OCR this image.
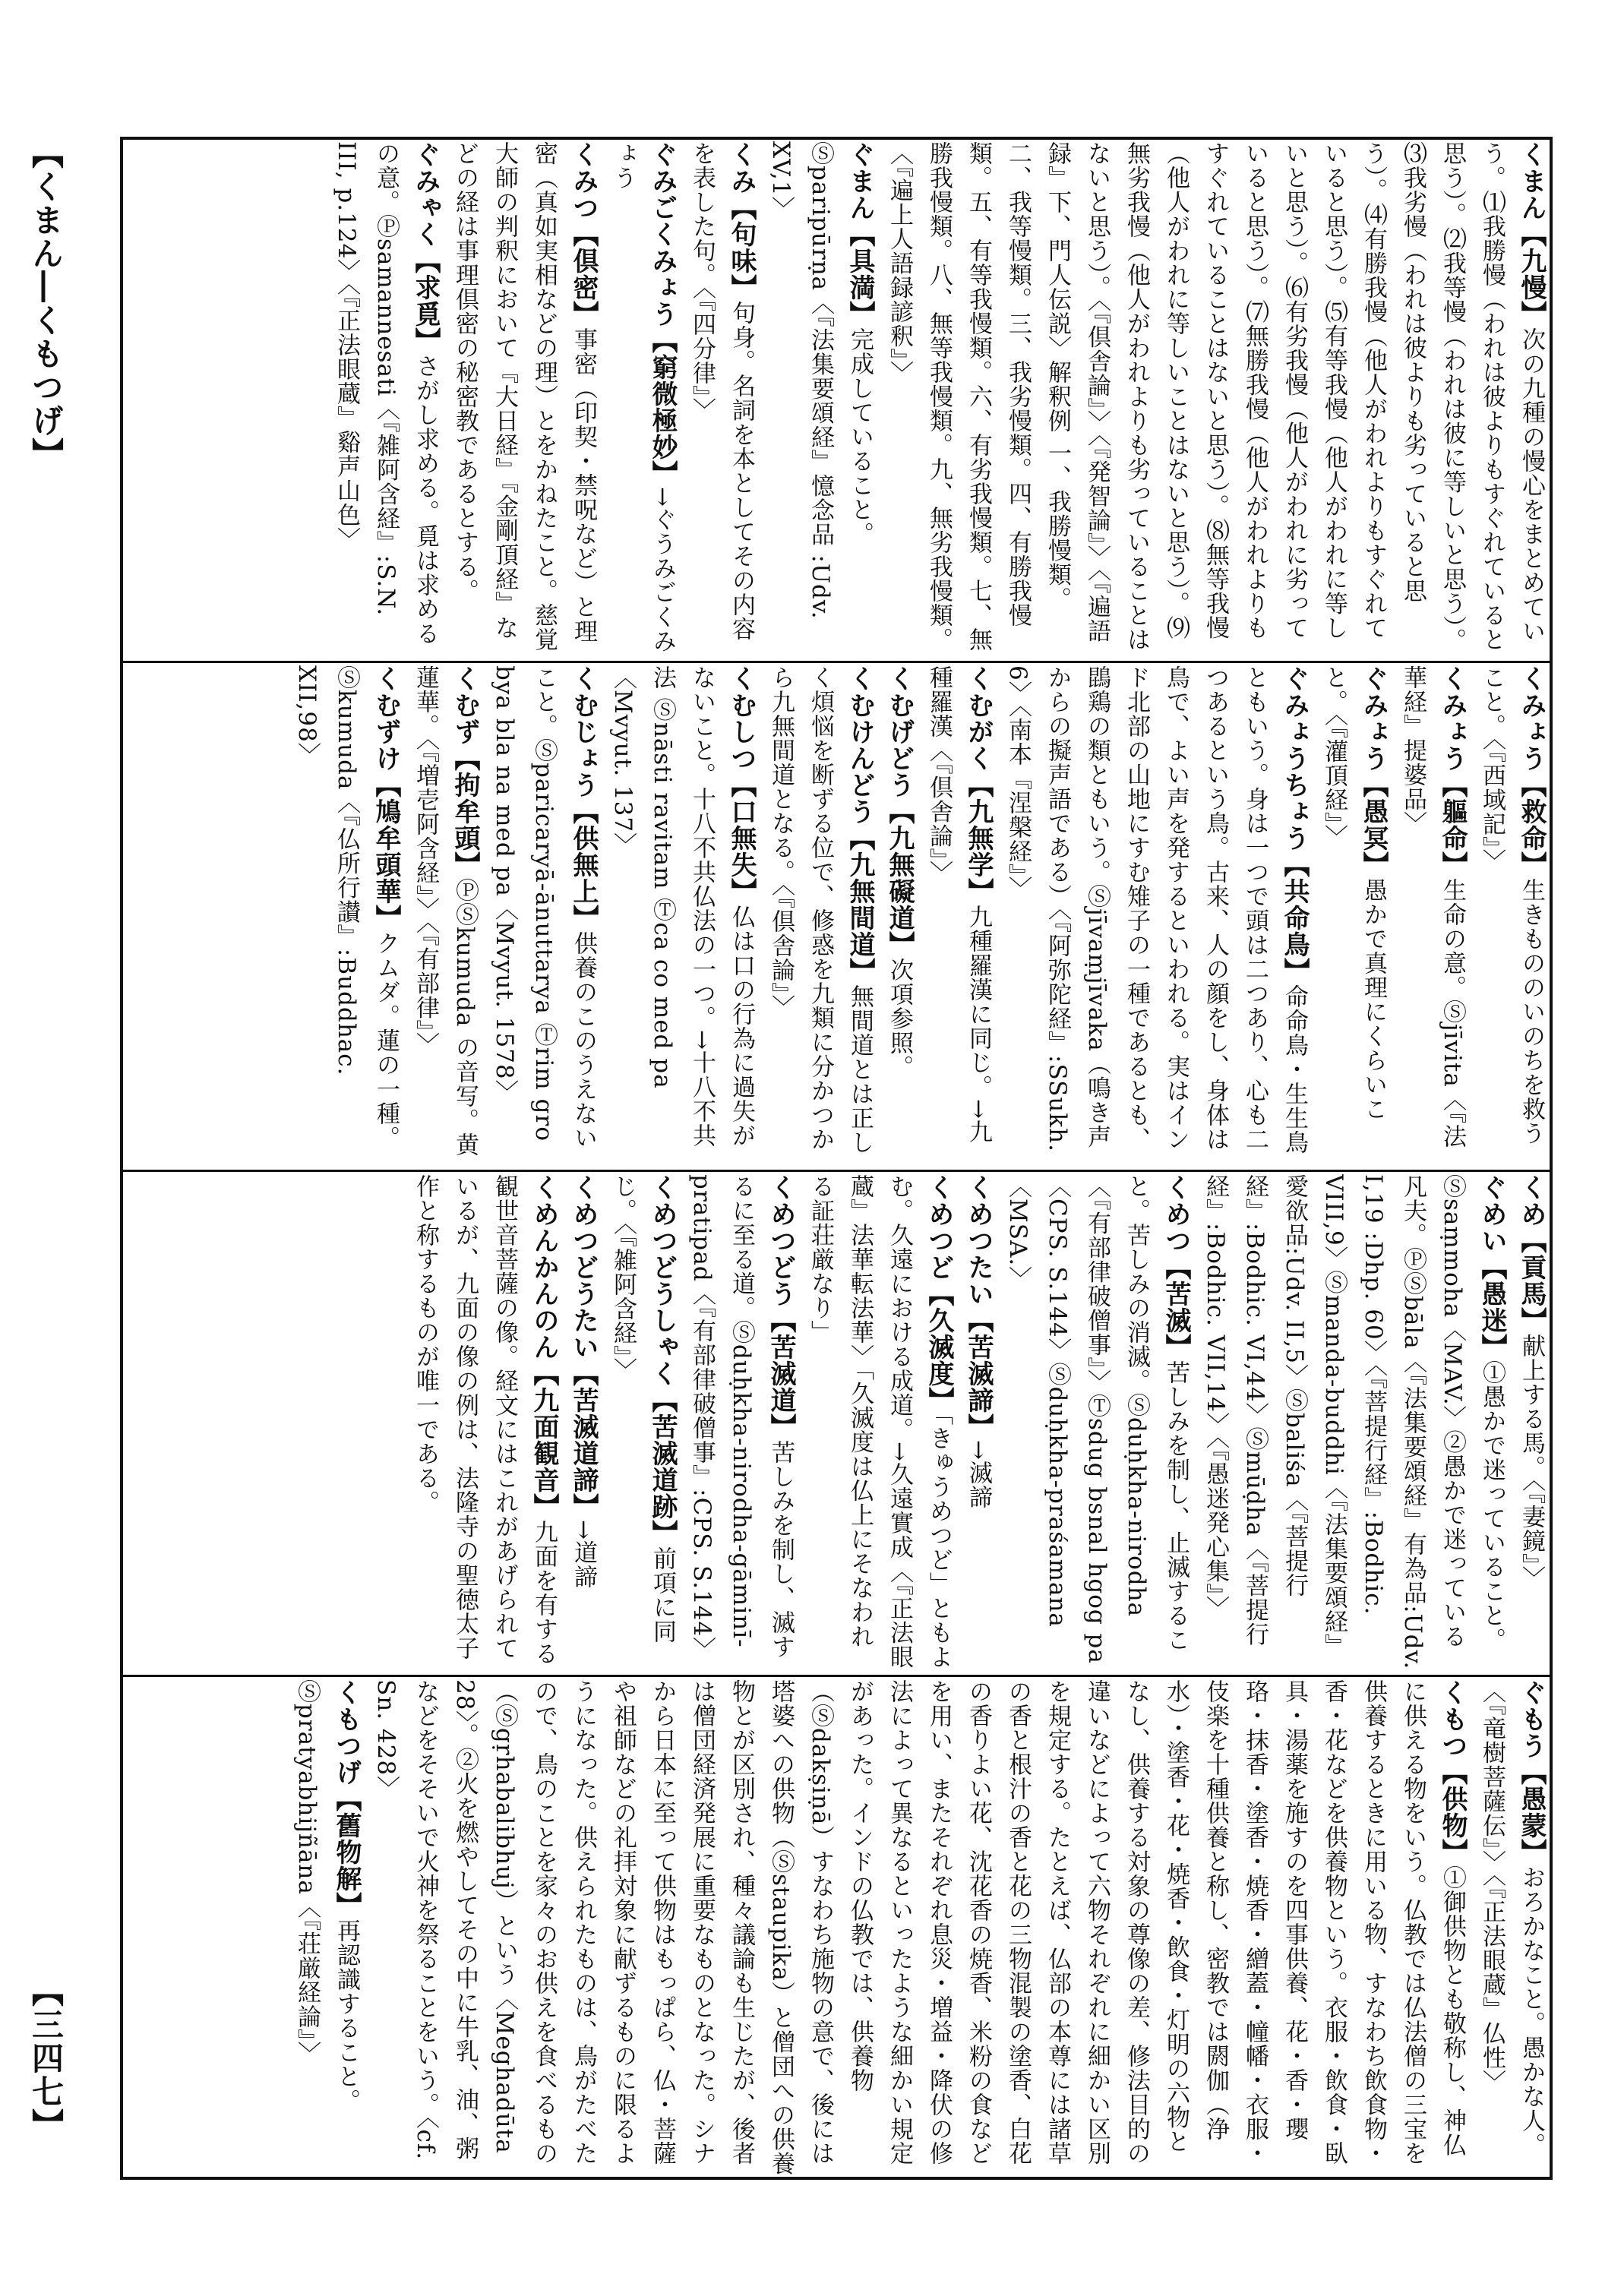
【くまん―くもつげ】
【三四七】

くまん【九慢】次の九種の慢心をまとめていう。⑴我勝慢（われは彼よりもすぐれていると思う）。⑵我等慢（われは彼に等しいと思う）。⑶我劣慢（われは彼よりも劣っていると思う）。⑷有勝我慢（他人がわれよりもすぐれていると思う）。⑸有等我慢（他人がわれに等しいと思う）。⑹有劣我慢（他人がわれに劣っていると思う）。⑺無勝我慢（他人がわれよりもすぐれていることはないと思う）。⑻無等我慢（他人がわれに等しいことはないと思う）。⑼無劣我慢（他人がわれよりも劣っていることはないと思う）。〈『倶舎論』〉〈『発智論』〉〈『遍語録』下、門人伝説〉解釈例 一、我勝慢類。二、我等慢類。三、我劣慢類。四、有勝我慢類。五、有等我慢類。六、有劣我慢類。七、無勝我慢類。八、無等我慢類。九、無劣我慢類。〈『遍上人語録諺釈』〉

ぐまん【具満】完成していること。Ⓢparipūrṇa〈『法集要頌経』憶念品 :Udv. XV,1〉

くみ【句味】句身。名詞を本としてその内容を表した句。〈『四分律』〉

ぐみごくみょう【窮微極妙】→ぐうみごくみょう

くみつ【倶密】事密（印契・禁呪など）と理密（真如実相などの理）とをかねたこと。慈覚大師の判釈において『大日経』『金剛頂経』などの経は事理倶密の秘密教であるとする。

ぐみゃく【求覓】さがし求める。覓は求めるの意。Ⓟsamannesati〈『雑阿含経』:S.N. III, p.124〉〈『正法眼蔵』谿声山色〉

くみょう【救命】生きもののいのちを救うこと。〈『西域記』〉

くみょう【軀命】生命の意。Ⓢjīvita〈『法華経』提婆品〉

ぐみょう【愚冥】愚かで真理にくらいこと。〈『灌頂経』〉

ぐみょうちょう【共命鳥】命命鳥・生生鳥ともいう。身は一つで頭は二つあり、心も二つあるという鳥。古来、人の顔をし、身体は鳥で、よい声を発するといわれる。実はインド北部の山地にすむ雉子の一種であるとも、鵾鶏の類ともいう。Ⓢjīvaṃjīvaka（鳴き声からの擬声語である）〈『阿弥陀経』:SSukh. 6〉〈南本『涅槃経』〉

くむがく【九無学】九種羅漢に同じ。→九種羅漢〈『倶舎論』〉

くむげどう【九無礙道】次項参照。

くむけんどう【九無間道】無間道とは正しく煩悩を断ずる位で、修惑を九類に分かつから九無間道となる。〈『倶舎論』〉

くむしつ【口無失】仏は口の行為に過失がないこと。十八不共仏法の一つ。→十八不共法 Ⓢnāsti ravitam Ⓣca co med pa〈Mvyut. 137〉

くむじょう【供無上】供養のこのうえないこと。Ⓢparicaryā-ānuttarya Ⓣrim gro bya bla na med pa〈Mvyut. 1578〉

くむず【拘牟頭】ⓅⓈkumuda の音写。黄蓮華。〈『増壱阿含経』〉〈『有部律』〉

くむずけ【鳩牟頭華】クムダ。蓮の一種。Ⓢkumuda〈『仏所行讃』:Buddhac. XII,98〉

くめ【貢馬】献上する馬。〈『妻鏡』〉

ぐめい【愚迷】①愚かで迷っていること。Ⓢsaṃmoha〈MAV.〉②愚かで迷っている凡夫。ⓅⓈbāla〈『法集要頌経』有為品:Udv. I,19 :Dhp. 60〉〈『菩提行経』:Bodhic. VIII,9〉Ⓢmanda-buddhi〈『法集要頌経』愛欲品:Udv. II,5〉Ⓢbaliśa〈『菩提行経』:Bodhic. VI,44〉Ⓢmūḍha〈『菩提行経』:Bodhic. VII,14〉〈『愚迷発心集』〉

くめつ【苦滅】苦しみを制し、止滅すること。苦しみの消滅。Ⓢduḥkha-nirodha〈『有部律破僧事』〉Ⓣsdug bsnal hgog pa〈CPS. S.144〉Ⓢduḥkha-praśamana〈MSA.〉

くめつたい【苦滅諦】→滅諦

くめつど【久滅度】「きゅうめつど」ともよむ。久遠における成道。→久遠實成〈『正法眼蔵』法華転法華〉「久滅度は仏上にそなわれる証荘厳なり」

くめつどう【苦滅道】苦しみを制し、滅するに至る道。Ⓢduḥkha-nirodha-gāminī-pratipad〈『有部律破僧事』:CPS. S.144〉

くめつどうしゃく【苦滅道跡】前項に同じ。〈『雑阿含経』〉

くめつどうたい【苦滅道諦】→道諦

くめんかんのん【九面観音】九面を有する観世音菩薩の像。経文にはこれがあげられているが、九面の像の例は、法隆寺の聖徳太子作と称するものが唯一である。

ぐもう【愚蒙】おろかなこと。愚かな人。〈『竜樹菩薩伝』〉〈『正法眼蔵』仏性〉

くもつ【供物】①御供物とも敬称し、神仏に供える物をいう。仏教では仏法僧の三宝を供養するときに用いる物、すなわち飲食物・香・花などを供養物という。衣服・飲食・臥具・湯薬を施すのを四事供養、花・香・瓔珞・抹香・塗香・焼香・繒蓋・幢幡・衣服・伎楽を十種供養と称し、密教では閼伽（浄水）・塗香・花・焼香・飲食・灯明の六物となし、供養する対象の尊像の差、修法目的の違いなどによって六物それぞれに細かい区別を規定する。たとえば、仏部の本尊には諸草の香と根汁の香と花の三物混製の塗香、白花の香りよい花、沈花香の焼香、米粉の食などを用い、またそれぞれ息災・増益・降伏の修法によって異なるといったような細かい規定があった。インドの仏教では、供養物（Ⓢdakṣiṇā）すなわち施物の意で、後には塔婆への供物（Ⓢstaupika）と僧団への供養物とが区別され、種々議論も生じたが、後者は僧団経済発展に重要なものとなった。シナから日本に至って供物はもっぱら、仏・菩薩や祖師などの礼拝対象に献ずるものに限るようになった。供えられたものは、鳥がたべたので、鳥のことを家々のお供えを食べるもの（Ⓢgṛhabalibhuj）という〈Meghadūta 28〉。②火を燃やしてその中に牛乳、油、粥などをそそいで火神を祭ることをいう。〈cf. Sn. 428〉

くもつげ【舊物解】再認識すること。Ⓢpratyabhijñāna〈『荘厳経論』〉
